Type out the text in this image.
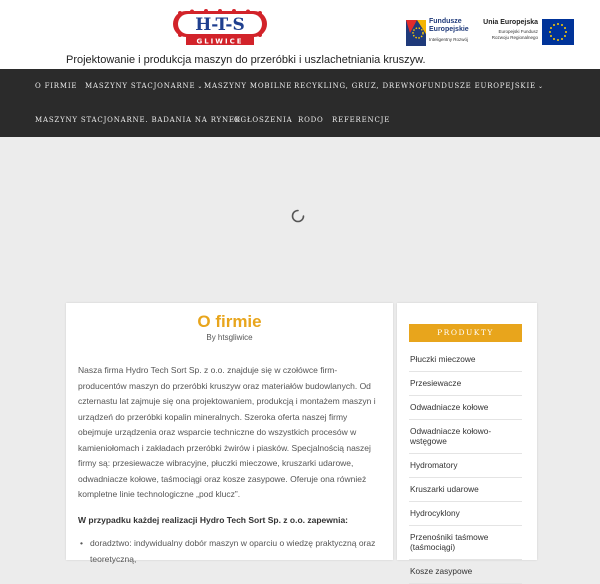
H-T-S
GLIWICE
Projektowanie i produkcja maszyn do przeróbki i uszlachetniania kruszyw.
Fundusze Europejskie
Inteligentny Rozwój
Unia Europejska
Europejski Fundusz Rozwoju Regionalnego
O FIRMIE MASZYNY STACJONARNE ⌄ MASZYNY MOBILNE RECYKLING, GRUZ, DREWNO FUNDUSZE EUROPEJSKIE ⌄
MASZYNY STACJONARNE. BADANIA NA RYNEK
OGŁOSZENIA RODO REFERENCJE
O firmie
By htsgliwice

Nasza firma Hydro Tech Sort Sp. z o.o. znajduje się w czołówce firm-producentów maszyn do przeróbki kruszyw oraz materiałów budowlanych. Od czternastu lat zajmuje się ona projektowaniem, produkcją i montażem maszyn i urządzeń do przeróbki kopalin mineralnych. Szeroka oferta naszej firmy obejmuje urządzenia oraz wsparcie techniczne do wszystkich procesów w kamieniołomach i zakładach przeróbki żwirów i piasków. Specjalnością naszej firmy są: przesiewacze wibracyjne, płuczki mieczowe, kruszarki udarowe, odwadniacze kołowe, taśmociągi oraz kosze zasypowe. Oferuje ona również kompletne linie technologiczne „pod klucz”.

W przypadku każdej realizacji Hydro Tech Sort Sp. z o.o. zapewnia:

• doradztwo: indywidualny dobór maszyn w oparciu o wiedzę praktyczną oraz teoretyczną,
PRODUKTY
Płuczki mieczowe
Przesiewacze
Odwadniacze kołowe
Odwadniacze kołowo-wstęgowe
Hydromatory
Kruszarki udarowe
Hydrocyklony
Przenośniki taśmowe (taśmociągi)
Kosze zasypowe
